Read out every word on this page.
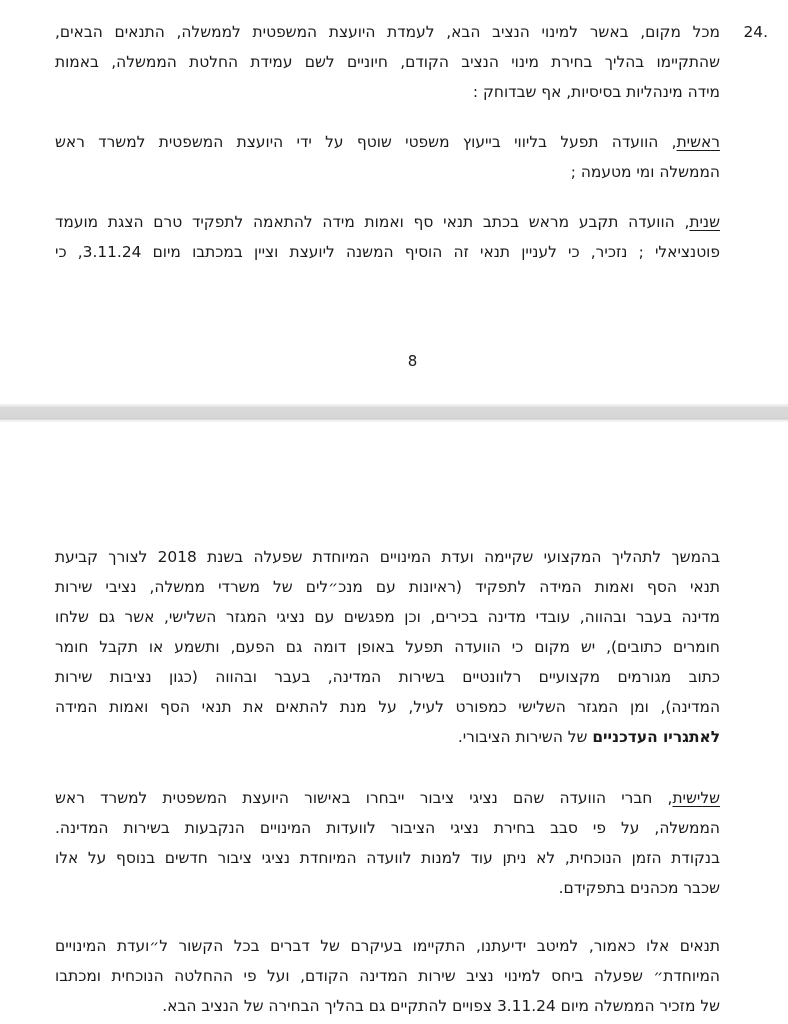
24.
מכל מקום, באשר למינוי הנציב הבא, לעמדת היועצת המשפטית לממשלה, התנאים הבאים,
שהתקיימו בהליך בחירת מינוי הנציב הקודם, חיוניים לשם עמידת החלטת הממשלה, באמות
מידה מינהליות בסיסיות, אף שבדוחק :
ראשית, הוועדה תפעל בליווי בייעוץ משפטי שוטף על ידי היועצת המשפטית למשרד ראש
הממשלה ומי מטעמה ;
שנית, הוועדה תקבע מראש בכתב תנאי סף ואמות מידה להתאמה לתפקיד טרם הצגת מועמד
פוטנציאלי ; נזכיר, כי לעניין תנאי זה הוסיף המשנה ליועצת וציין במכתבו מיום 3.11.24, כי
8
בהמשך לתהליך המקצועי שקיימה ועדת המינויים המיוחדת שפעלה בשנת 2018 לצורך קביעת
תנאי הסף ואמות המידה לתפקיד (ראיונות עם מנכ״לים של משרדי ממשלה, נציבי שירות
מדינה בעבר ובהווה, עובדי מדינה בכירים, וכן מפגשים עם נציגי המגזר השלישי, אשר גם שלחו
חומרים כתובים), יש מקום כי הוועדה תפעל באופן דומה גם הפעם, ותשמע או תקבל חומר
כתוב מגורמים מקצועיים רלוונטיים בשירות המדינה, בעבר ובהווה (כגון נציבות שירות
המדינה), ומן המגזר השלישי כמפורט לעיל, על מנת להתאים את תנאי הסף ואמות המידה
לאתגריו העדכניים של השירות הציבורי.
שלישית, חברי הוועדה שהם נציגי ציבור ייבחרו באישור היועצת המשפטית למשרד ראש
הממשלה, על פי סבב בחירת נציגי הציבור לוועדות המינויים הנקבעות בשירות המדינה.
בנקודת הזמן הנוכחית, לא ניתן עוד למנות לוועדה המיוחדת נציגי ציבור חדשים בנוסף על אלו
שכבר מכהנים בתפקידם.
תנאים אלו כאמור, למיטב ידיעתנו, התקיימו בעיקרם של דברים בכל הקשור ל״ועדת המינויים
המיוחדת״ שפעלה ביחס למינוי נציב שירות המדינה הקודם, ועל פי ההחלטה הנוכחית ומכתבו
של מזכיר הממשלה מיום 3.11.24 צפויים להתקיים גם בהליך הבחירה של הנציב הבא.
